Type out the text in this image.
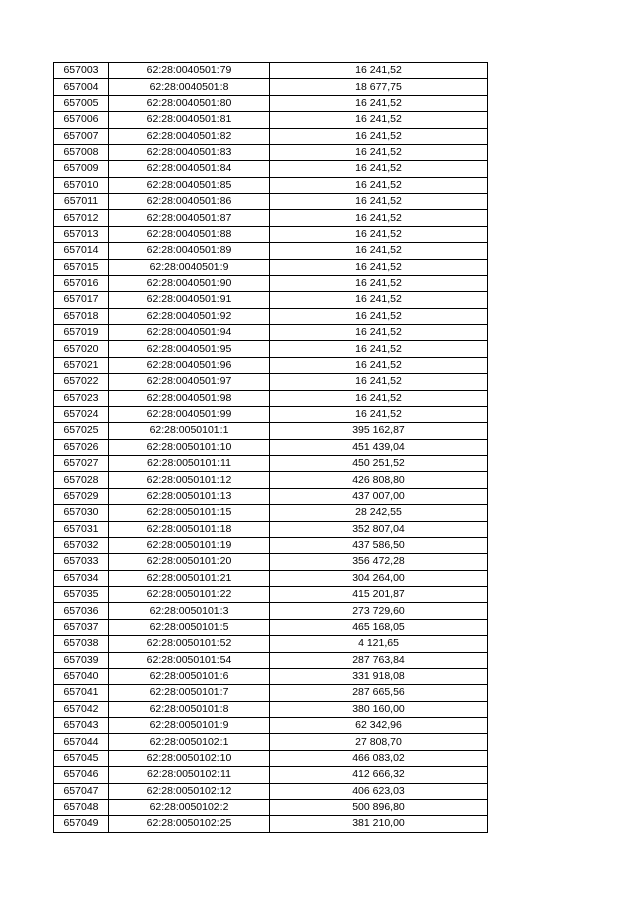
657003	62:28:0040501:79	16 241,52
657004	62:28:0040501:8	18 677,75
657005	62:28:0040501:80	16 241,52
657006	62:28:0040501:81	16 241,52
657007	62:28:0040501:82	16 241,52
657008	62:28:0040501:83	16 241,52
657009	62:28:0040501:84	16 241,52
657010	62:28:0040501:85	16 241,52
657011	62:28:0040501:86	16 241,52
657012	62:28:0040501:87	16 241,52
657013	62:28:0040501:88	16 241,52
657014	62:28:0040501:89	16 241,52
657015	62:28:0040501:9	16 241,52
657016	62:28:0040501:90	16 241,52
657017	62:28:0040501:91	16 241,52
657018	62:28:0040501:92	16 241,52
657019	62:28:0040501:94	16 241,52
657020	62:28:0040501:95	16 241,52
657021	62:28:0040501:96	16 241,52
657022	62:28:0040501:97	16 241,52
657023	62:28:0040501:98	16 241,52
657024	62:28:0040501:99	16 241,52
657025	62:28:0050101:1	395 162,87
657026	62:28:0050101:10	451 439,04
657027	62:28:0050101:11	450 251,52
657028	62:28:0050101:12	426 808,80
657029	62:28:0050101:13	437 007,00
657030	62:28:0050101:15	28 242,55
657031	62:28:0050101:18	352 807,04
657032	62:28:0050101:19	437 586,50
657033	62:28:0050101:20	356 472,28
657034	62:28:0050101:21	304 264,00
657035	62:28:0050101:22	415 201,87
657036	62:28:0050101:3	273 729,60
657037	62:28:0050101:5	465 168,05
657038	62:28:0050101:52	4 121,65
657039	62:28:0050101:54	287 763,84
657040	62:28:0050101:6	331 918,08
657041	62:28:0050101:7	287 665,56
657042	62:28:0050101:8	380 160,00
657043	62:28:0050101:9	62 342,96
657044	62:28:0050102:1	27 808,70
657045	62:28:0050102:10	466 083,02
657046	62:28:0050102:11	412 666,32
657047	62:28:0050102:12	406 623,03
657048	62:28:0050102:2	500 896,80
657049	62:28:0050102:25	381 210,00
